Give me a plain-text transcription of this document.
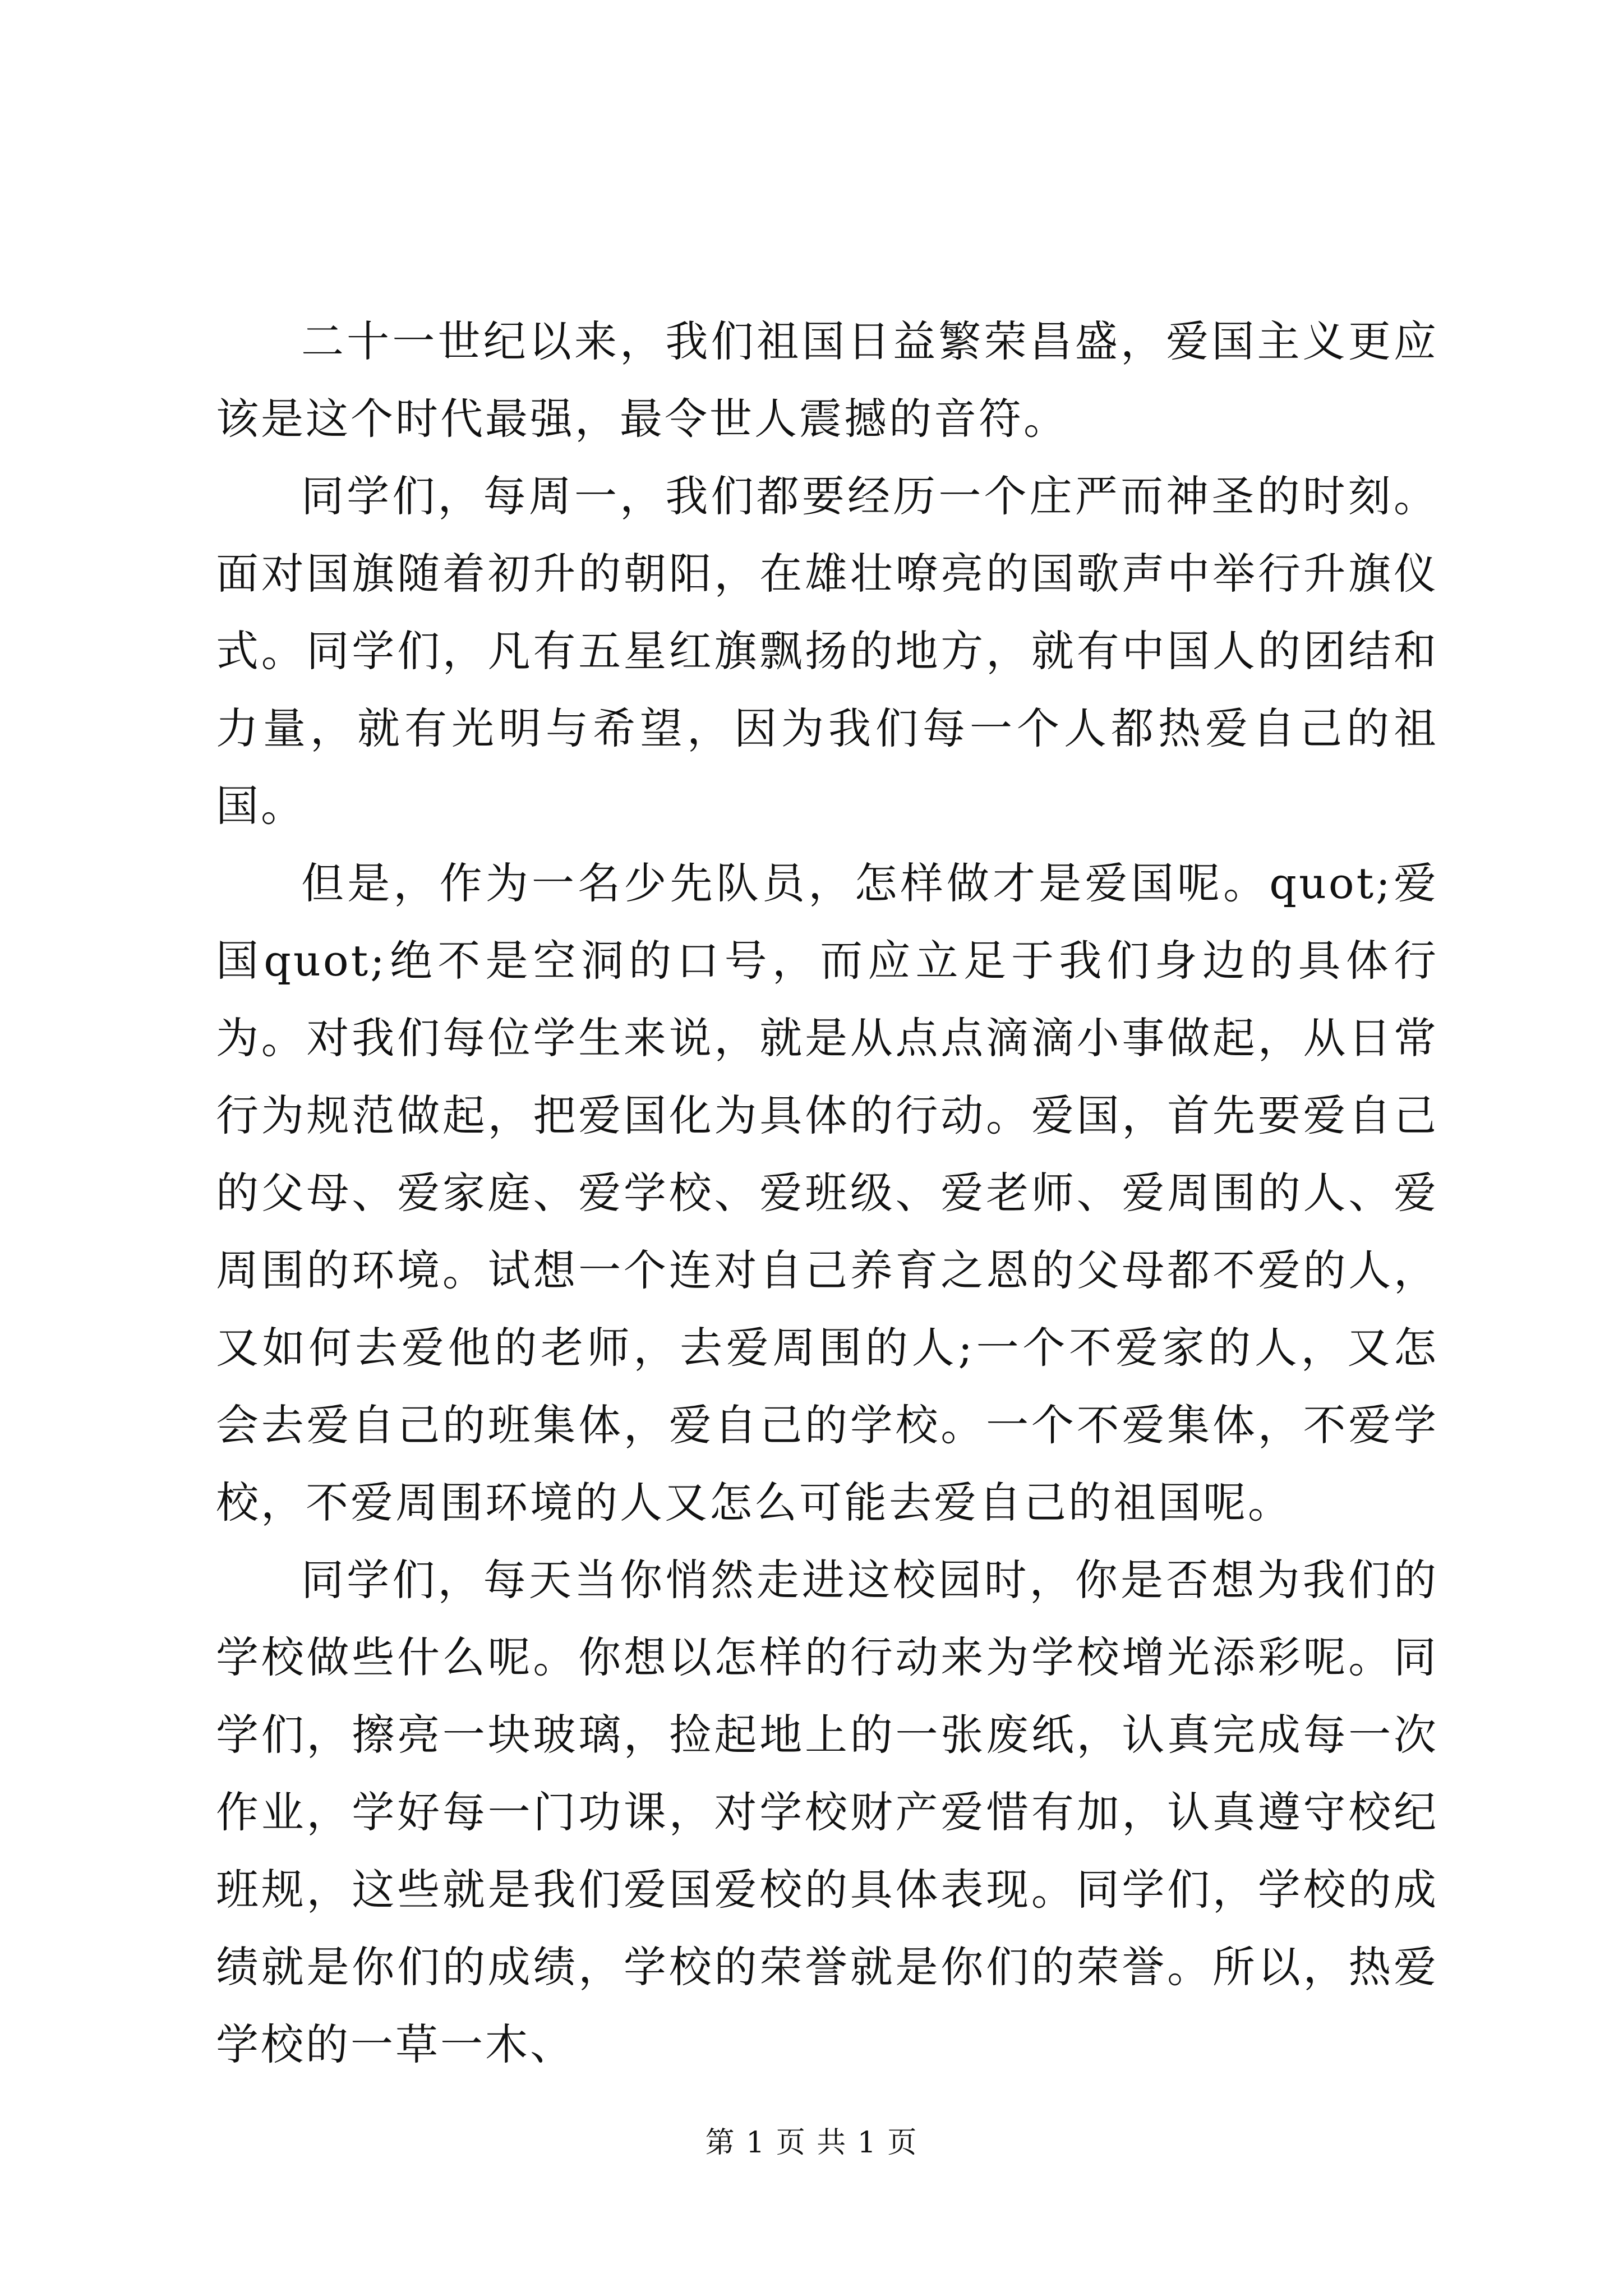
二十一世纪以来，我们祖国日益繁荣昌盛，爱国主义更应该是这个时代最强，最令世人震撼的音符。

同学们，每周一，我们都要经历一个庄严而神圣的时刻。面对国旗随着初升的朝阳，在雄壮嘹亮的国歌声中举行升旗仪式。同学们，凡有五星红旗飘扬的地方，就有中国人的团结和力量，就有光明与希望，因为我们每一个人都热爱自己的祖国。

但是，作为一名少先队员，怎样做才是爱国呢。quot;爱国quot;绝不是空洞的口号，而应立足于我们身边的具体行为。对我们每位学生来说，就是从点点滴滴小事做起，从日常行为规范做起，把爱国化为具体的行动。爱国，首先要爱自己的父母、爱家庭、爱学校、爱班级、爱老师、爱周围的人、爱周围的环境。试想一个连对自己养育之恩的父母都不爱的人，又如何去爱他的老师，去爱周围的人;一个不爱家的人，又怎会去爱自己的班集体，爱自己的学校。一个不爱集体，不爱学校，不爱周围环境的人又怎么可能去爱自己的祖国呢。

同学们，每天当你悄然走进这校园时，你是否想为我们的学校做些什么呢。你想以怎样的行动来为学校增光添彩呢。同学们，擦亮一块玻璃，捡起地上的一张废纸，认真完成每一次作业，学好每一门功课，对学校财产爱惜有加，认真遵守校纪班规，这些就是我们爱国爱校的具体表现。同学们，学校的成绩就是你们的成绩，学校的荣誉就是你们的荣誉。所以，热爱学校的一草一木、

第 1 页 共 1 页
